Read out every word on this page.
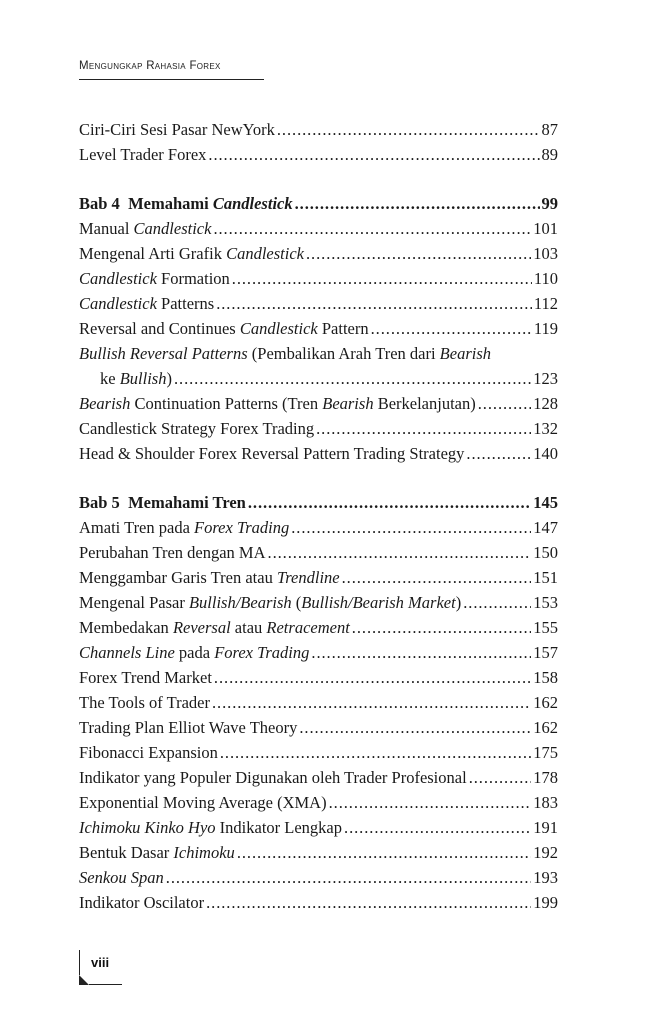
Mengungkap Rahasia Forex
Ciri-Ciri Sesi Pasar NewYork . . .	87
Level Trader Forex . . .	89
Bab 4 Memahami Candlestick . . .	99
Manual Candlestick . . .	101
Mengenal Arti Grafik Candlestick . . .	103
Candlestick Formation . . .	110
Candlestick Patterns . . .	112
Reversal and Continues Candlestick Pattern . . .	119
Bullish Reversal Patterns (Pembalikan Arah Tren dari Bearish
ke Bullish) . . .	123
Bearish Continuation Patterns (Tren Bearish Berkelanjutan) . . .	128
Candlestick Strategy Forex Trading . . .	132
Head & Shoulder Forex Reversal Pattern Trading Strategy . . .	140
Bab 5 Memahami Tren . . .	145
Amati Tren pada Forex Trading . . .	147
Perubahan Tren dengan MA . . .	150
Menggambar Garis Tren atau Trendline . . .	151
Mengenal Pasar Bullish/Bearish (Bullish/Bearish Market) . . .	153
Membedakan Reversal atau Retracement . . .	155
Channels Line pada Forex Trading . . .	157
Forex Trend Market . . .	158
The Tools of Trader . . .	162
Trading Plan Elliot Wave Theory . . .	162
Fibonacci Expansion . . .	175
Indikator yang Populer Digunakan oleh Trader Profesional . . .	178
Exponential Moving Average (XMA) . . .	183
Ichimoku Kinko Hyo Indikator Lengkap . . .	191
Bentuk Dasar Ichimoku . . .	192
Senkou Span . . .	193
Indikator Oscilator . . .	199
viii
